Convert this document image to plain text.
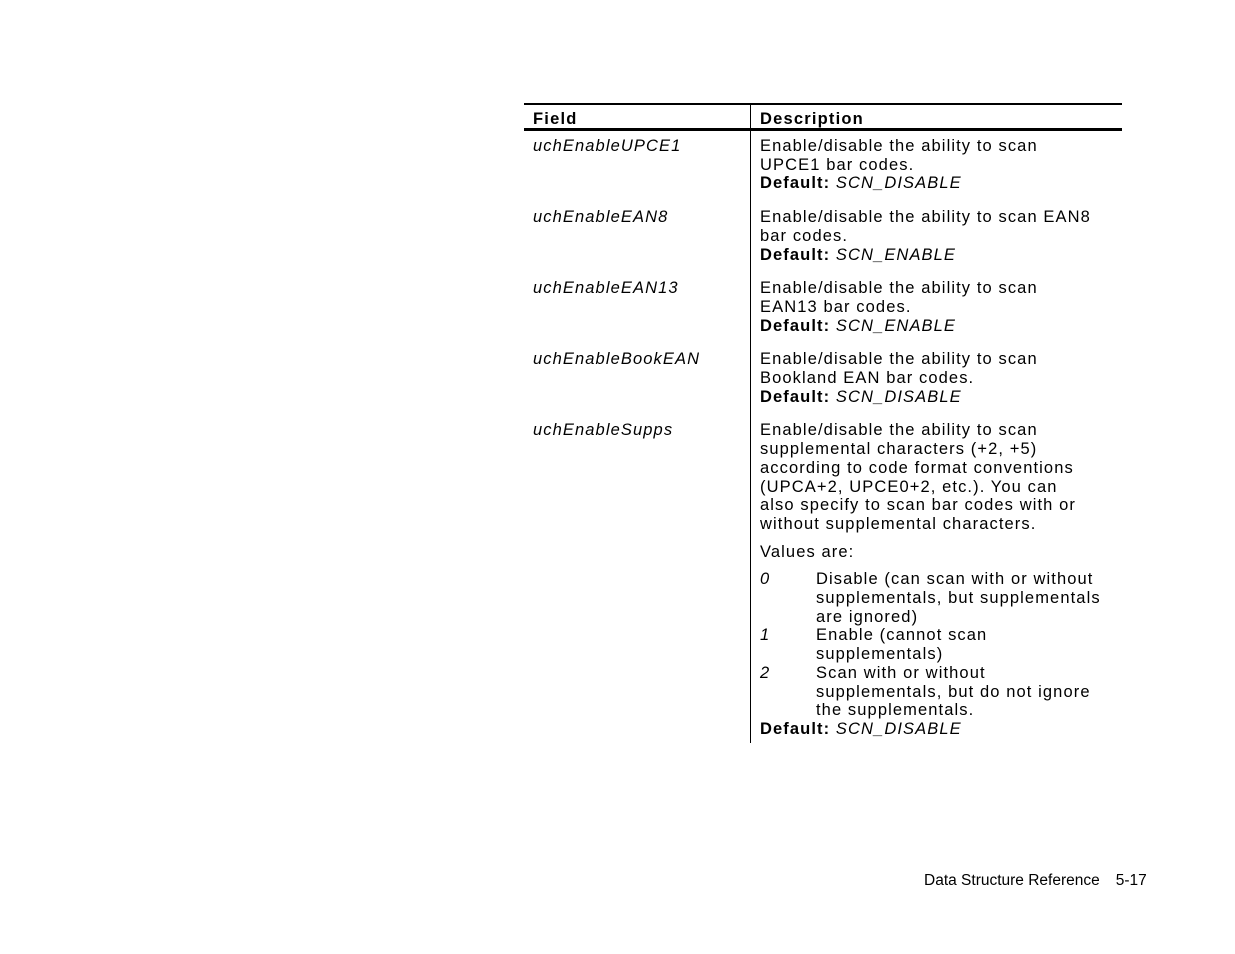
Field	Description
uchEnableUPCE1	Enable/disable the ability to scan
UPCE1 bar codes.
Default: SCN_DISABLE
uchEnableEAN8	Enable/disable the ability to scan EAN8
bar codes.
Default: SCN_ENABLE
uchEnableEAN13	Enable/disable the ability to scan
EAN13 bar codes.
Default: SCN_ENABLE
uchEnableBookEAN	Enable/disable the ability to scan
Bookland EAN bar codes.
Default: SCN_DISABLE
uchEnableSupps	Enable/disable the ability to scan
supplemental characters (+2, +5)
according to code format conventions
(UPCA+2, UPCE0+2, etc.). You can
also specify to scan bar codes with or
without supplemental characters.
Values are:
0	Disable (can scan with or without
supplementals, but supplementals
are ignored)
1	Enable (cannot scan
supplementals)
2	Scan with or without
supplementals, but do not ignore
the supplementals.
Default: SCN_DISABLE
Data Structure Reference 5-17
